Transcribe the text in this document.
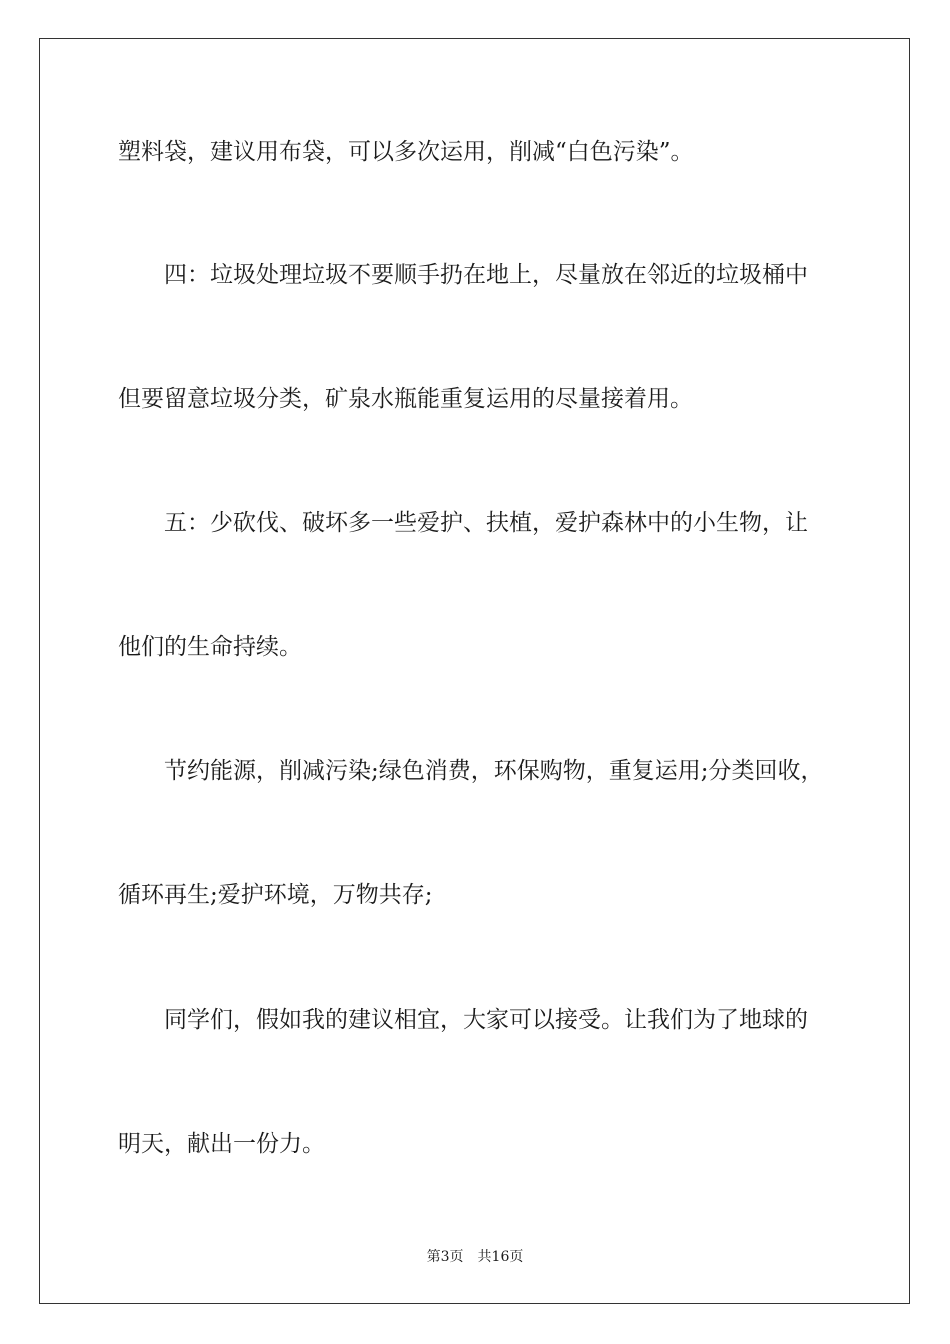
塑料袋，建议用布袋，可以多次运用，削减“白色污染”。

四：垃圾处理垃圾不要顺手扔在地上，尽量放在邻近的垃圾桶中

但要留意垃圾分类，矿泉水瓶能重复运用的尽量接着用。

五：少砍伐、破坏多一些爱护、扶植，爱护森林中的小生物，让

他们的生命持续。

节约能源，削减污染;绿色消费，环保购物，重复运用;分类回收，

循环再生;爱护环境，万物共存;

同学们，假如我的建议相宜，大家可以接受。让我们为了地球的

明天，献出一份力。

第3页　共16页
